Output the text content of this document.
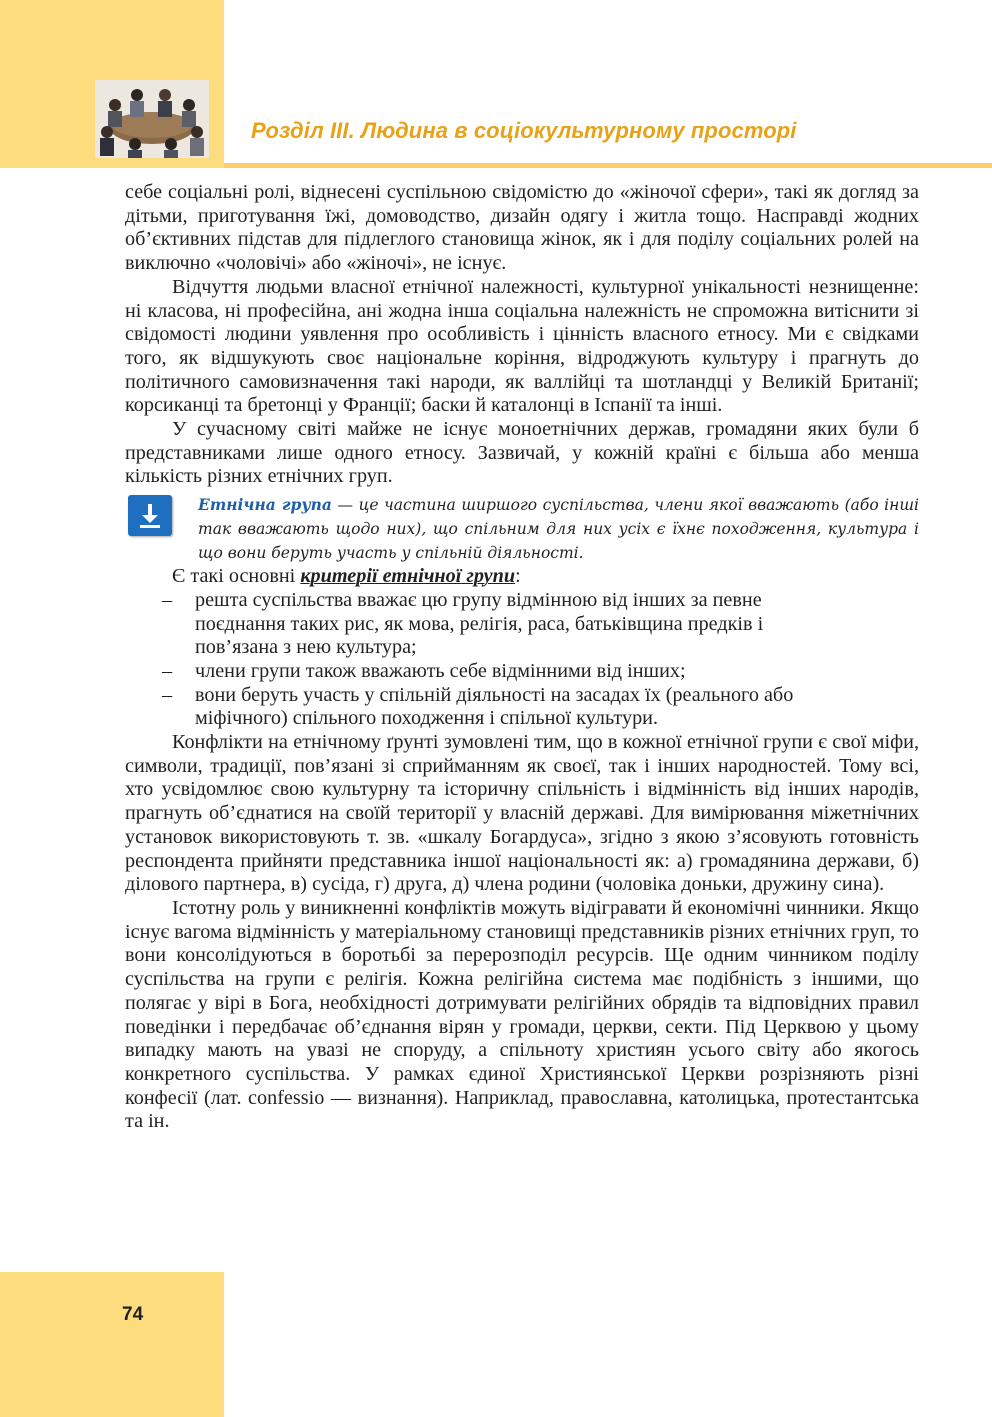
Розділ III. Людина в соціокультурному просторі

себе соціальні ролі, віднесені суспільною свідомістю до «жіночої сфери», такі як догляд за дітьми, приготування їжі, домоводство, дизайн одягу і житла тощо. Насправді жодних об’єктивних підстав для підлеглого становища жінок, як і для поділу соціальних ролей на виключно «чоловічі» або «жіночі», не існує.

Відчуття людьми власної етнічної належності, культурної унікальності незнищенне: ні класова, ні професійна, ані жодна інша соціальна належність не спроможна витіснити зі свідомості людини уявлення про особливість і цінність власного етносу. Ми є свідками того, як відшукують своє національне коріння, відроджують культуру і прагнуть до політичного самовизначення такі народи, як валлійці та шотландці у Великій Британії; корсиканці та бретонці у Франції; баски й каталонці в Іспанії та інші.

У сучасному світі майже не існує моноетнічних держав, громадяни яких були б представниками лише одного етносу. Зазвичай, у кожній країні є більша або менша кількість різних етнічних груп.

Етнічна група — це частина ширшого суспільства, члени якої вважають (або інші так вважають щодо них), що спільним для них усіх є їхнє походження, культура і що вони беруть участь у спільній діяльності.

Є такі основні критерії етнічної групи:

– решта суспільства вважає цю групу відмінною від інших за певне поєднання таких рис, як мова, релігія, раса, батьківщина предків і пов’язана з нею культура;
– члени групи також вважають себе відмінними від інших;
– вони беруть участь у спільній діяльності на засадах їх (реального або міфічного) спільного походження і спільної культури.

Конфлікти на етнічному ґрунті зумовлені тим, що в кожної етнічної групи є свої міфи, символи, традиції, пов’язані зі сприйманням як своєї, так і інших народностей. Тому всі, хто усвідомлює свою культурну та історичну спільність і відмінність від інших народів, прагнуть об’єднатися на своїй території у власній державі. Для вимірювання міжетнічних установок використовують т. зв. «шкалу Богардуса», згідно з якою з’ясовують готовність респондента прийняти представника іншої національності як: а) громадянина держави, б) ділового партнера, в) сусіда, г) друга, д) члена родини (чоловіка доньки, дружину сина).

Істотну роль у виникненні конфліктів можуть відігравати й економічні чинники. Якщо існує вагома відмінність у матеріальному становищі представників різних етнічних груп, то вони консолідуються в боротьбі за перерозподіл ресурсів. Ще одним чинником поділу суспільства на групи є релігія. Кожна релігійна система має подібність з іншими, що полягає у вірі в Бога, необхідності дотримувати релігійних обрядів та відповідних правил поведінки і передбачає об’єднання вірян у громади, церкви, секти. Під Церквою у цьому випадку мають на увазі не споруду, а спільноту християн усього світу або якогось конкретного суспільства. У рамках єдиної Християнської Церкви розрізняють різні конфесії (лат. confessio — визнання). Наприклад, православна, католицька, протестантська та ін.

74
